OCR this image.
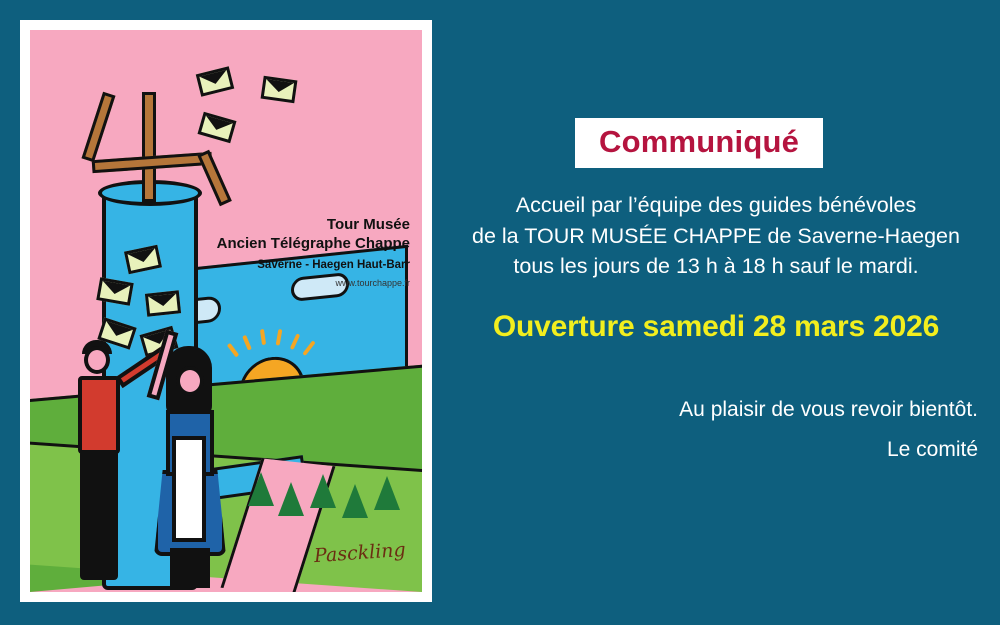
Tour Musée
Ancien Télégraphe Chappe
Saverne - Haegen Haut-Barr
www.tourchappe.fr
Pasckling
Communiqué
Accueil par l’équipe des guides bénévoles
de la TOUR MUSÉE CHAPPE de Saverne-Haegen
tous les jours de 13 h à 18 h sauf le mardi.
Ouverture samedi 28 mars 2026
Au plaisir de vous revoir bientôt.
Le comité
